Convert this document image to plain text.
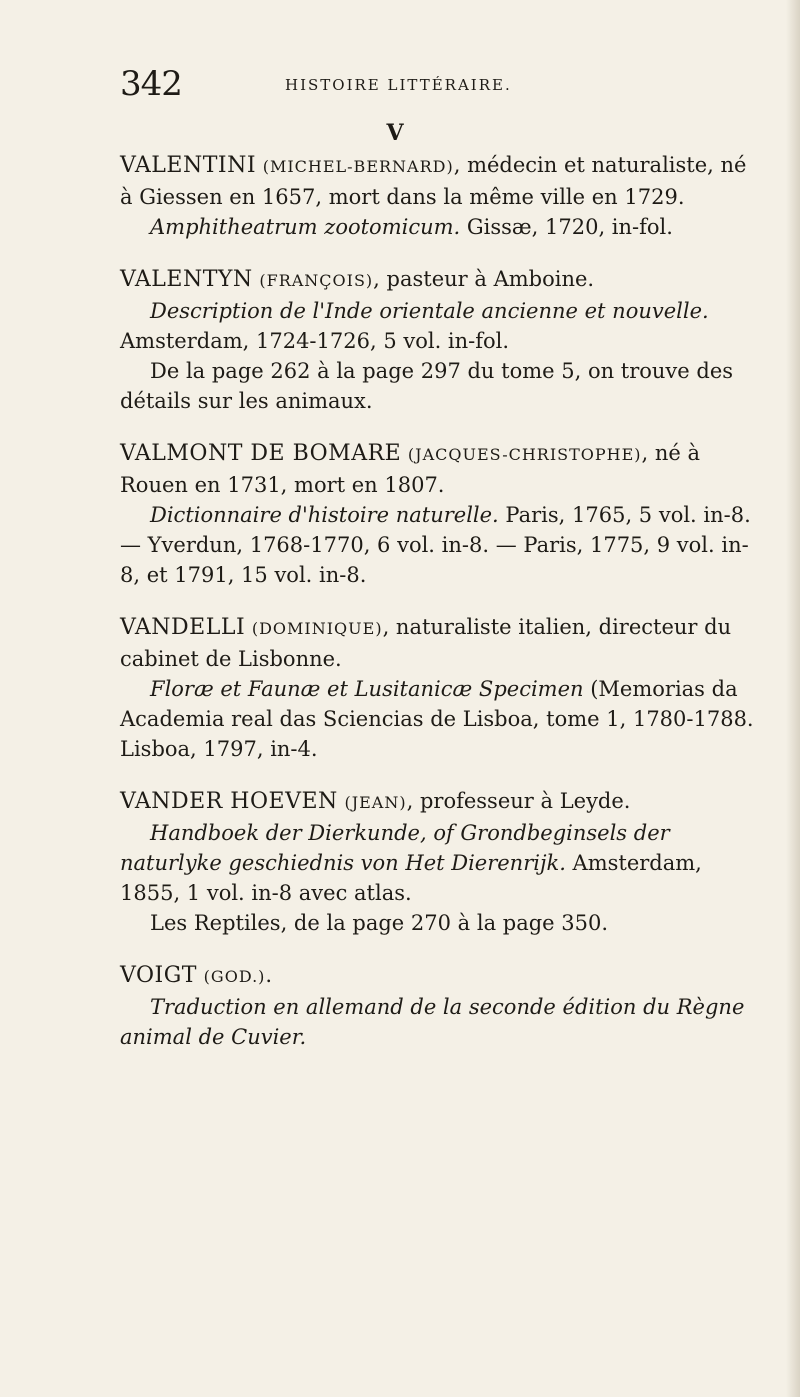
342	HISTOIRE LITTÉRAIRE.
V

VALENTINI (MICHEL-BERNARD), médecin et naturaliste, né à Giessen en 1657, mort dans la même ville en 1729.

Amphitheatrum zootomicum. Gissæ, 1720, in-fol.

VALENTYN (FRANÇOIS), pasteur à Amboine.

Description de l'Inde orientale ancienne et nouvelle. Amsterdam, 1724-1726, 5 vol. in-fol.

De la page 262 à la page 297 du tome 5, on trouve des détails sur les animaux.

VALMONT DE BOMARE (JACQUES-CHRISTOPHE), né à Rouen en 1731, mort en 1807.

Dictionnaire d'histoire naturelle. Paris, 1765, 5 vol. in-8. — Yverdun, 1768-1770, 6 vol. in-8. — Paris, 1775, 9 vol. in-8, et 1791, 15 vol. in-8.

VANDELLI (DOMINIQUE), naturaliste italien, directeur du cabinet de Lisbonne.

Floræ et Faunæ et Lusitanicæ Specimen (Memorias da Academia real das Sciencias de Lisboa, tome 1, 1780-1788. Lisboa, 1797, in-4.

VANDER HOEVEN (JEAN), professeur à Leyde.

Handboek der Dierkunde, of Grondbeginsels der naturlyke geschiednis von Het Dierenrijk. Amsterdam, 1855, 1 vol. in-8 avec atlas.

Les Reptiles, de la page 270 à la page 350.

VOIGT (GOD.).

Traduction en allemand de la seconde édition du Règne animal de Cuvier.
